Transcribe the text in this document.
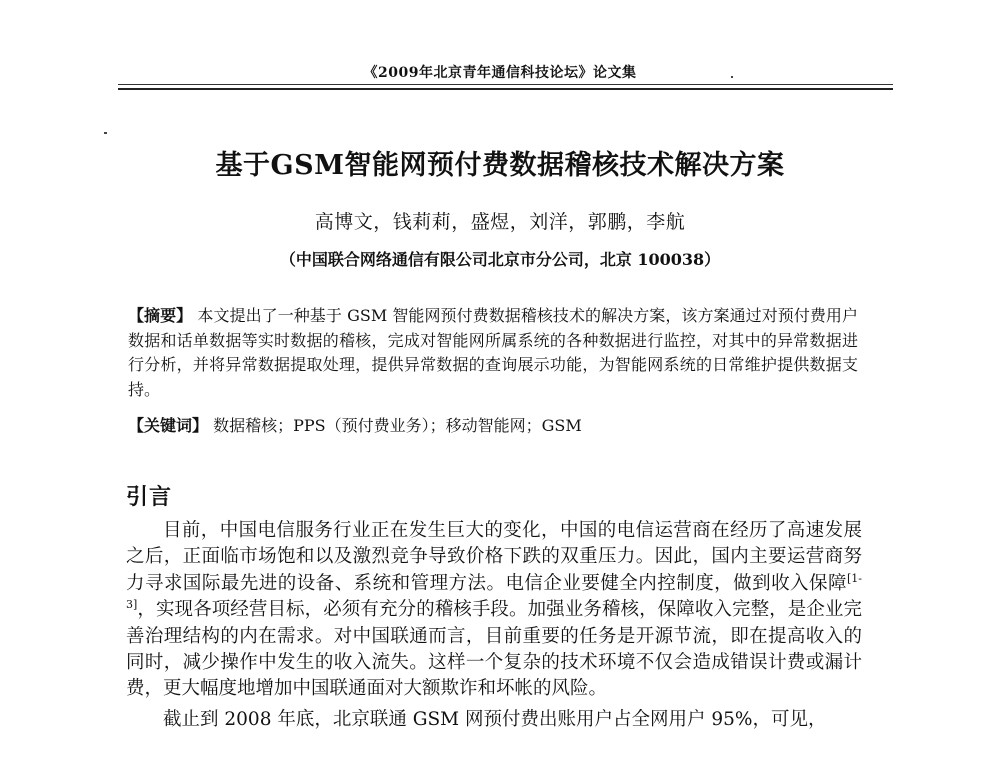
《2009年北京青年通信科技论坛》论文集
基于GSM智能网预付费数据稽核技术解决方案
高博文，钱莉莉，盛煜，刘洋，郭鹏，李航
（中国联合网络通信有限公司北京市分公司，北京 100038）
【摘要】 本文提出了一种基于 GSM 智能网预付费数据稽核技术的解决方案，该方案通过对预付费用户数据和话单数据等实时数据的稽核，完成对智能网所属系统的各种数据进行监控，对其中的异常数据进行分析，并将异常数据提取处理，提供异常数据的查询展示功能，为智能网系统的日常维护提供数据支持。
【关键词】 数据稽核；PPS（预付费业务）；移动智能网；GSM
引言

目前，中国电信服务行业正在发生巨大的变化，中国的电信运营商在经历了高速发展之后，正面临市场饱和以及激烈竞争导致价格下跌的双重压力。因此，国内主要运营商努力寻求国际最先进的设备、系统和管理方法。电信企业要健全内控制度，做到收入保障[1-3]，实现各项经营目标，必须有充分的稽核手段。加强业务稽核，保障收入完整，是企业完善治理结构的内在需求。对中国联通而言，目前重要的任务是开源节流，即在提高收入的同时，减少操作中发生的收入流失。这样一个复杂的技术环境不仅会造成错误计费或漏计费，更大幅度地增加中国联通面对大额欺诈和坏帐的风险。

截止到 2008 年底，北京联通 GSM 网预付费出账用户占全网用户 95%，可见，
